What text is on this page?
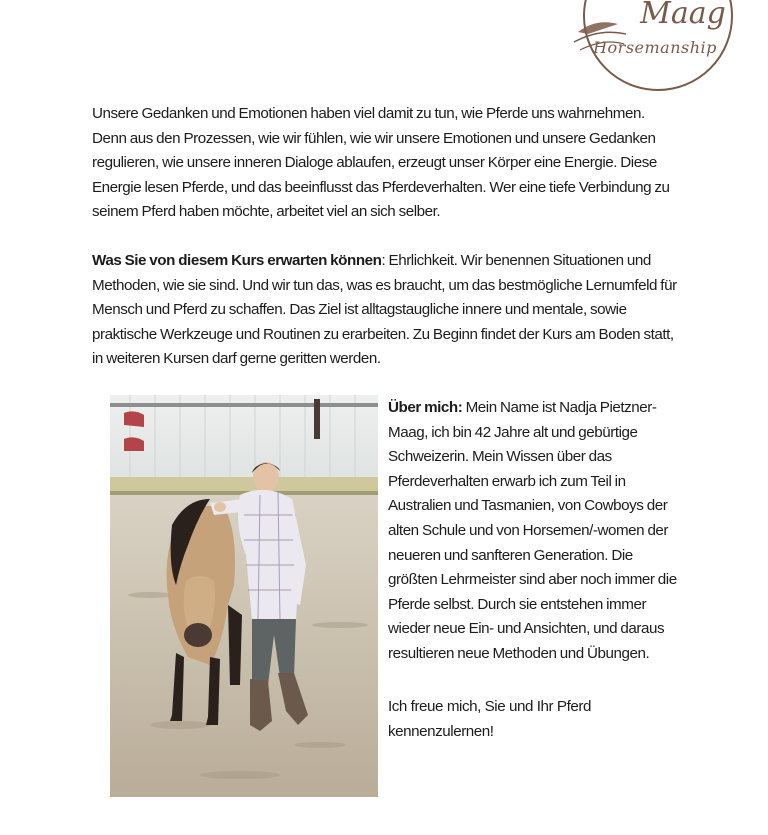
Maag
Horsemanship

Unsere Gedanken und Emotionen haben viel damit zu tun, wie Pferde uns wahrnehmen. Denn aus den Prozessen, wie wir fühlen, wie wir unsere Emotionen und unsere Gedanken regulieren, wie unsere inneren Dialoge ablaufen, erzeugt unser Körper eine Energie. Diese Energie lesen Pferde, und das beeinflusst das Pferdeverhalten. Wer eine tiefe Verbindung zu seinem Pferd haben möchte, arbeitet viel an sich selber.

Was Sie von diesem Kurs erwarten können: Ehrlichkeit. Wir benennen Situationen und Methoden, wie sie sind. Und wir tun das, was es braucht, um das bestmögliche Lernumfeld für Mensch und Pferd zu schaffen. Das Ziel ist alltagstaugliche innere und mentale, sowie praktische Werkzeuge und Routinen zu erarbeiten. Zu Beginn findet der Kurs am Boden statt, in weiteren Kursen darf gerne geritten werden.

Über mich: Mein Name ist Nadja Pietzner-Maag, ich bin 42 Jahre alt und gebürtige Schweizerin. Mein Wissen über das Pferdeverhalten erwarb ich zum Teil in Australien und Tasmanien, von Cowboys der alten Schule und von Horsemen/-women der neueren und sanfteren Generation. Die größten Lehrmeister sind aber noch immer die Pferde selbst. Durch sie entstehen immer wieder neue Ein- und Ansichten, und daraus resultieren neue Methoden und Übungen.

Ich freue mich, Sie und Ihr Pferd kennenzulernen!
